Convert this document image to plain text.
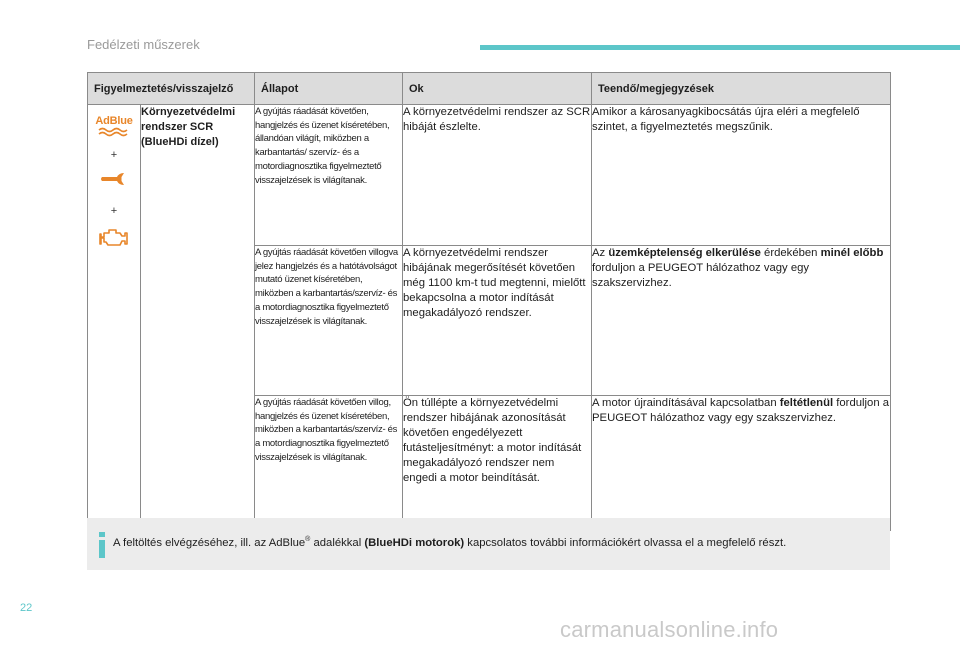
Fedélzeti műszerek
Figyelmeztetés/visszajelző		Állapot	Ok	Teendő/megjegyzések

AdBlue
+
+	Környezetvédelmi rendszer SCR (BlueHDi dízel)	A gyújtás ráadását követően, hangjelzés és üzenet kíséretében, állandóan világít, miközben a karbantartás/ szervíz- és a motordiagnosztika figyelmeztető visszajelzések is világítanak.	A környezetvédelmi rendszer az SCR hibáját észlelte.	Amikor a károsanyagkibocsátás újra eléri a megfelelő szintet, a figyelmeztetés megszűnik.
		A gyújtás ráadását követően villogva jelez hangjelzés és a hatótávolságot mutató üzenet kíséretében, miközben a karbantartás/szervíz- és a motordiagnosztika figyelmeztető visszajelzések is világítanak.	A környezetvédelmi rendszer hibájának megerősítését követően még 1100 km-t tud megtenni, mielőtt bekapcsolna a motor indítását megakadályozó rendszer.	Az üzemképtelenség elkerülése érdekében minél előbb forduljon a PEUGEOT hálózathoz vagy egy szakszervizhez.
		A gyújtás ráadását követően villog, hangjelzés és üzenet kíséretében, miközben a karbantartás/szervíz- és a motordiagnosztika figyelmeztető visszajelzések is világítanak.	Ön túllépte a környezetvédelmi rendszer hibájának azonosítását követően engedélyezett futásteljesítményt: a motor indítását megakadályozó rendszer nem engedi a motor beindítását.	A motor újraindításával kapcsolatban feltétlenül forduljon a PEUGEOT hálózathoz vagy egy szakszervizhez.
A feltöltés elvégzéséhez, ill. az AdBlue® adalékkal (BlueHDi motorok) kapcsolatos további információkért olvassa el a megfelelő részt.
22
carmanualsonline.info
